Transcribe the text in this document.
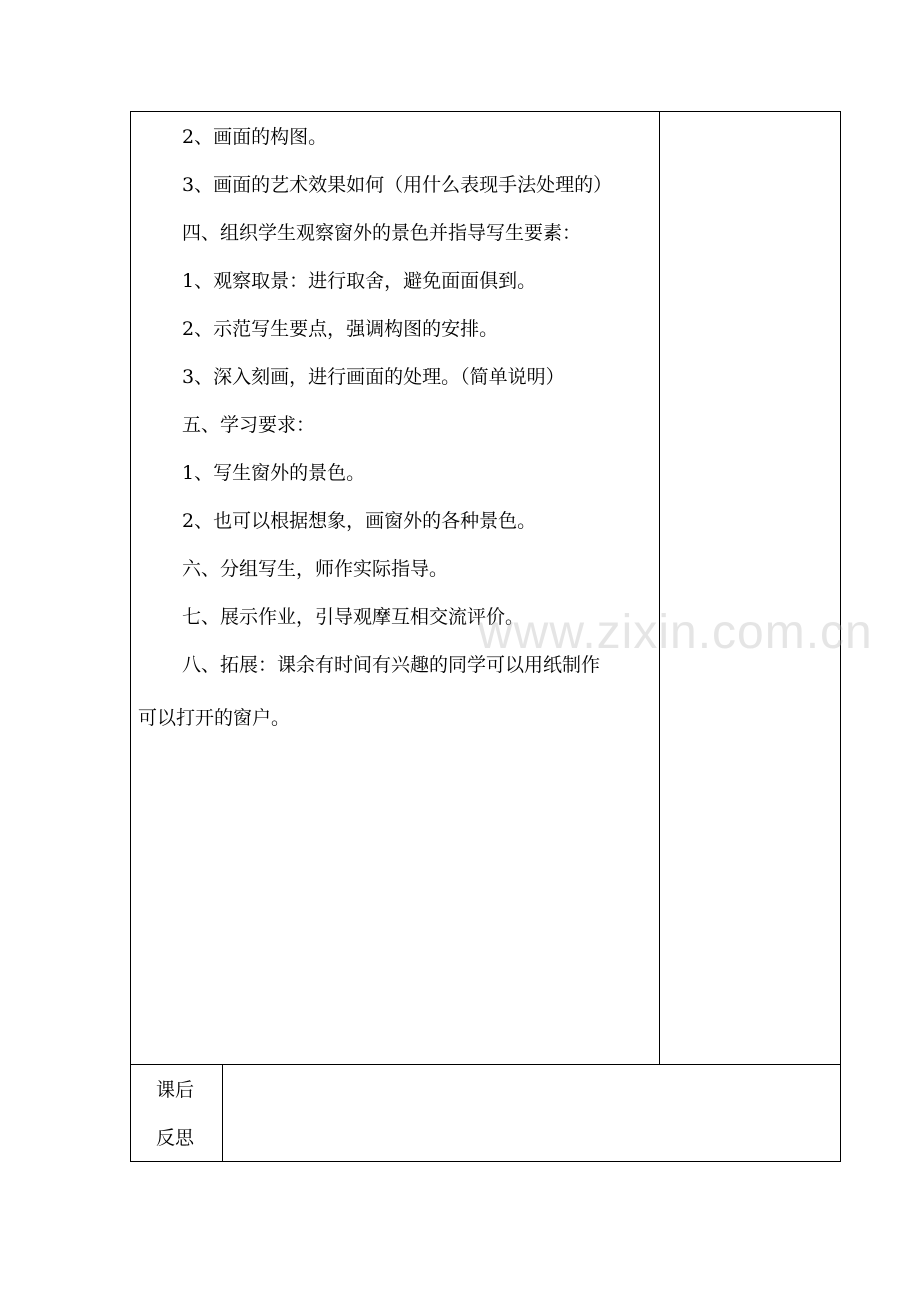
2、画面的构图。
3、画面的艺术效果如何（用什么表现手法处理的）
四、组织学生观察窗外的景色并指导写生要素：
1、观察取景：进行取舍，避免面面俱到。
2、示范写生要点，强调构图的安排。
3、深入刻画，进行画面的处理。（简单说明）
五、学习要求：
1、写生窗外的景色。
2、也可以根据想象，画窗外的各种景色。
六、分组写生，师作实际指导。
七、展示作业，引导观摩互相交流评价。
八、拓展：课余有时间有兴趣的同学可以用纸制作
可以打开的窗户。
课后
反思
www.zixin.com.cn
